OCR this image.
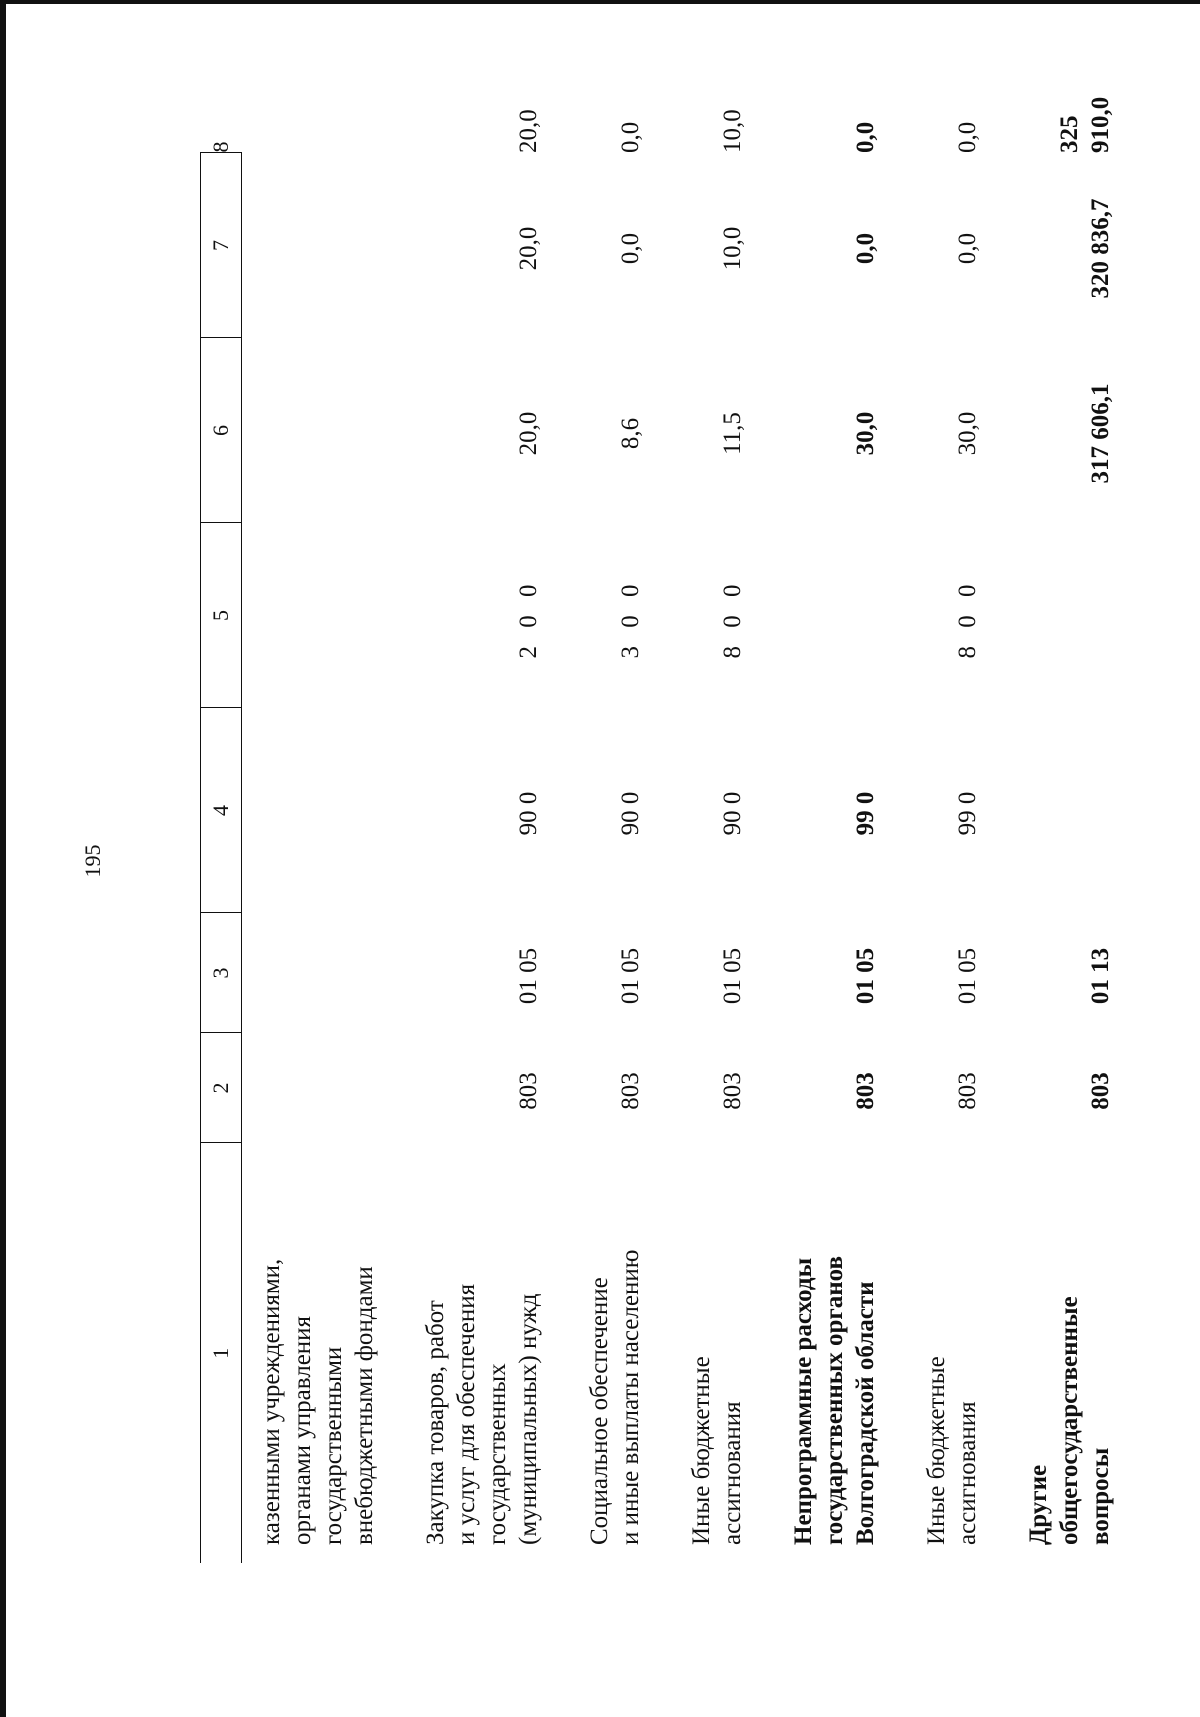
195
1	2	3	4	5	6	7	8

казенными учреждениями, органами управления государственными внебюджетными фондами							

Закупка товаров, работ и услуг для обеспечения государственных (муниципальных) нужд	803	01 05	90 0	2 0 0	20,0	20,0	20,0

Социальное обеспечение и иные выплаты населению	803	01 05	90 0	3 0 0	8,6	0,0	0,0

Иные бюджетные ассигнования	803	01 05	90 0	8 0 0	11,5	10,0	10,0

Непрограммные расходы государственных органов Волгоградской области	803	01 05	99 0		30,0	0,0	0,0

Иные бюджетные ассигнования	803	01 05	99 0	8 0 0	30,0	0,0	0,0

Другие общегосударственные вопросы	803	01 13			317 606,1	320 836,7	325 910,0
